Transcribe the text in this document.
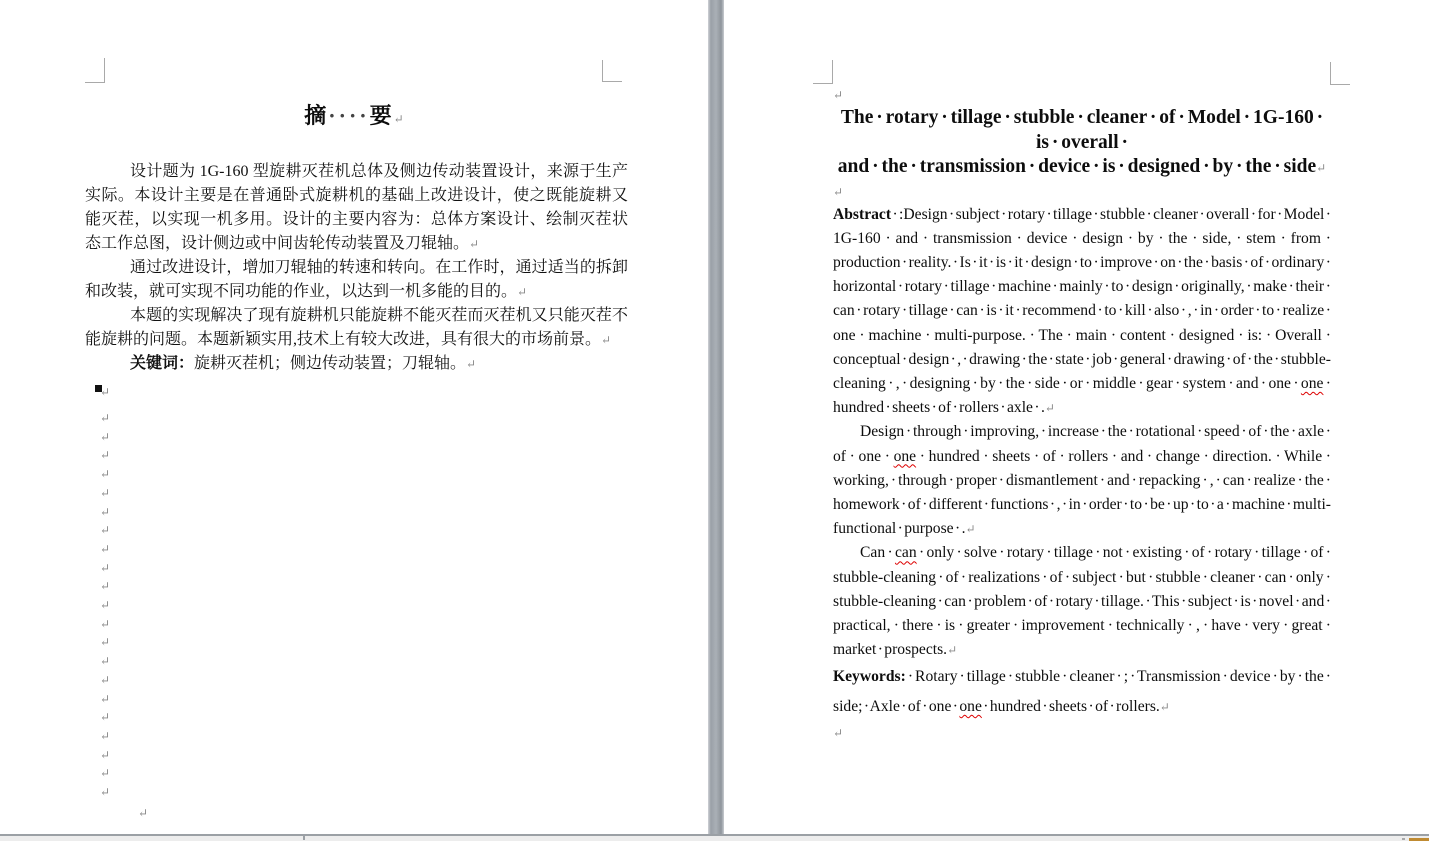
摘····要↵

设计题为 1G-160 型旋耕灭茬机总体及侧边传动装置设计，来源于生产实际。本设计主要是在普通卧式旋耕机的基础上改进设计，使之既能旋耕又能灭茬，以实现一机多用。设计的主要内容为：总体方案设计、绘制灭茬状态工作总图，设计侧边或中间齿轮传动装置及刀辊轴。↵

通过改进设计，增加刀辊轴的转速和转向。在工作时，通过适当的拆卸和改装，就可实现不同功能的作业，以达到一机多能的目的。↵

本题的实现解决了现有旋耕机只能旋耕不能灭茬而灭茬机又只能灭茬不能旋耕的问题。本题新颖实用,技术上有较大改进，具有很大的市场前景。↵

关键词：旋耕灭茬机；侧边传动装置；刀辊轴。↵

↵
↵
↵
↵
↵
↵
↵
↵
↵
↵
↵
↵
↵
↵
↵
↵
↵
↵
↵
↵
↵
↵
↵
↵
The · rotary · tillage · stubble · cleaner · of · Model · 1G-160 · is · overall ·
and · the · transmission · device · is · designed · by · the · side↵
↵

Abstract · :Design · subject · rotary · tillage · stubble · cleaner · overall · for · Model · 1G-160 · and · transmission · device · design · by · the · side, · stem · from · production · reality. · Is · it · is · it · design · to · improve · on · the · basis · of · ordinary · horizontal · rotary · tillage · machine · mainly · to · design · originally, · make · their · can · rotary · tillage · can · is · it · recommend · to · kill · also · , · in · order · to · realize · one · machine · multi-purpose. · The · main · content · designed · is: · Overall · conceptual · design · , · drawing · the · state · job · general · drawing · of · the · stubble-cleaning · , · designing · by · the · side · or · middle · gear · system · and · one · one · hundred · sheets · of · rollers · axle · .↵

Design · through · improving, · increase · the · rotational · speed · of · the · axle · of · one · one · hundred · sheets · of · rollers · and · change · direction. · While · working, · through · proper · dismantlement · and · repacking · , · can · realize · the · homework · of · different · functions · , · in · order · to · be · up · to · a · machine · multi-functional · purpose · .↵

Can · can · only · solve · rotary · tillage · not · existing · of · rotary · tillage · of · stubble-cleaning · of · realizations · of · subject · but · stubble · cleaner · can · only · stubble-cleaning · can · problem · of · rotary · tillage. · This · subject · is · novel · and · practical, · there · is · greater · improvement · technically · , · have · very · great · market · prospects.↵

Keywords: · Rotary · tillage · stubble · cleaner · ; · Transmission · device · by · the · side; · Axle · of · one · one · hundred · sheets · of · rollers.↵

↵
